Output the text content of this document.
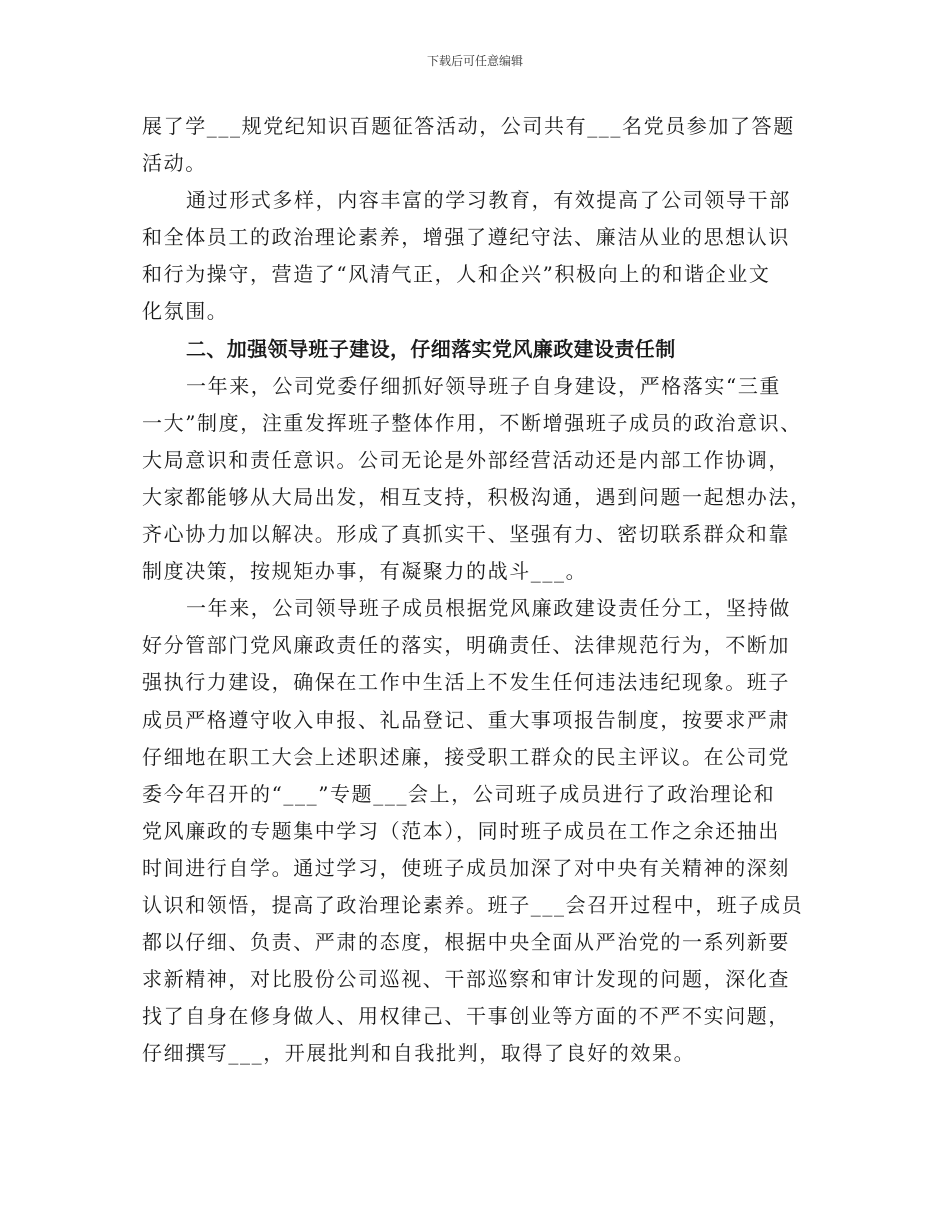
下载后可任意编辑
展了学___规党纪知识百题征答活动，公司共有___名党员参加了答题
活动。
通过形式多样，内容丰富的学习教育，有效提高了公司领导干部
和全体员工的政治理论素养，增强了遵纪守法、廉洁从业的思想认识
和行为操守，营造了“风清气正，人和企兴”积极向上的和谐企业文
化氛围。
二、加强领导班子建设，仔细落实党风廉政建设责任制
一年来，公司党委仔细抓好领导班子自身建设，严格落实“三重
一大”制度，注重发挥班子整体作用，不断增强班子成员的政治意识、
大局意识和责任意识。公司无论是外部经营活动还是内部工作协调，
大家都能够从大局出发，相互支持，积极沟通，遇到问题一起想办法，
齐心协力加以解决。形成了真抓实干、坚强有力、密切联系群众和靠
制度决策，按规矩办事，有凝聚力的战斗___。
一年来，公司领导班子成员根据党风廉政建设责任分工，坚持做
好分管部门党风廉政责任的落实，明确责任、法律规范行为，不断加
强执行力建设，确保在工作中生活上不发生任何违法违纪现象。班子
成员严格遵守收入申报、礼品登记、重大事项报告制度，按要求严肃
仔细地在职工大会上述职述廉，接受职工群众的民主评议。在公司党
委今年召开的“___”专题___会上，公司班子成员进行了政治理论和
党风廉政的专题集中学习（范本），同时班子成员在工作之余还抽出
时间进行自学。通过学习，使班子成员加深了对中央有关精神的深刻
认识和领悟，提高了政治理论素养。班子___会召开过程中，班子成员
都以仔细、负责、严肃的态度，根据中央全面从严治党的一系列新要
求新精神，对比股份公司巡视、干部巡察和审计发现的问题，深化查
找了自身在修身做人、用权律己、干事创业等方面的不严不实问题，
仔细撰写___，开展批判和自我批判，取得了良好的效果。
